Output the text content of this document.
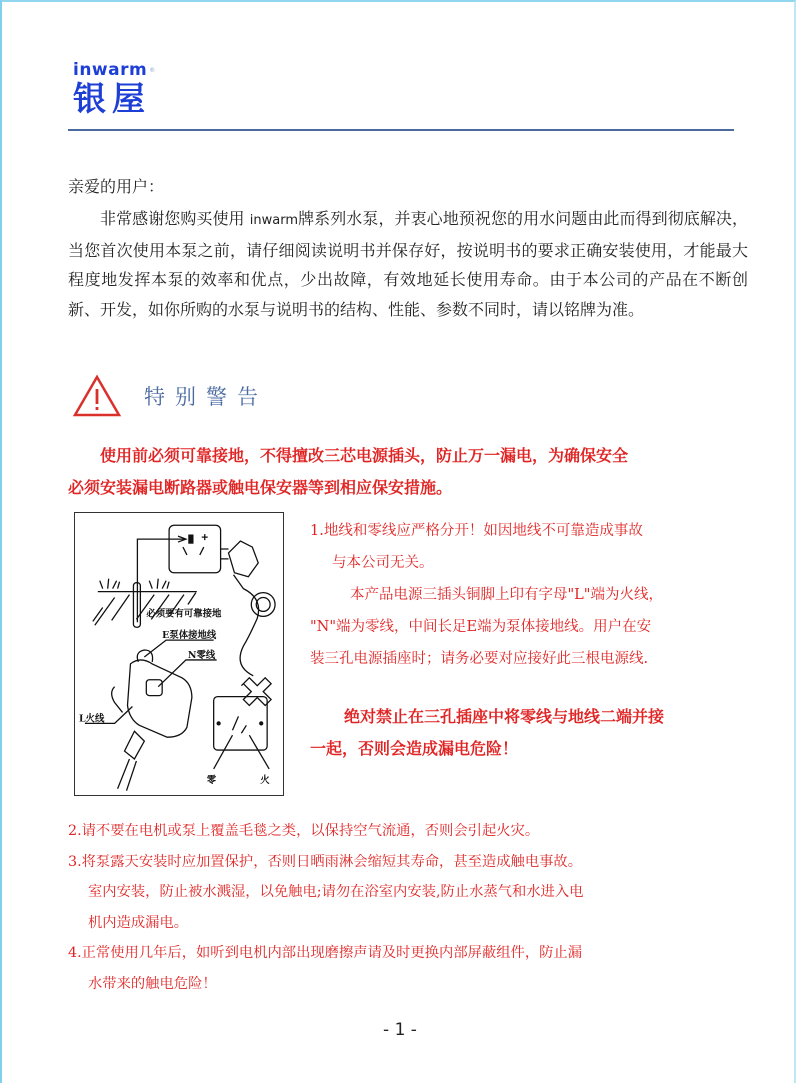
inwarm ®
银屋
亲爱的用户：

非常感谢您购买使用 inwarm牌系列水泵，并衷心地预祝您的用水问题由此而得到彻底解决，当您首次使用本泵之前，请仔细阅读说明书并保存好，按说明书的要求正确安装使用，才能最大程度地发挥本泵的效率和优点，少出故障，有效地延长使用寿命。由于本公司的产品在不断创新、开发，如你所购的水泵与说明书的结构、性能、参数不同时，请以铭牌为准。

特别警告

使用前必须可靠接地，不得擅改三芯电源插头，防止万一漏电，为确保安全

必须安装漏电断路器或触电保安器等到相应保安措施。

必须要有可靠接地
E泵体接地线
N零线
L火线
零	火

1.地线和零线应严格分开！如因地线不可靠造成事故

与本公司无关。

本产品电源三插头铜脚上印有字母"L"端为火线，

"N"端为零线，中间长足E端为泵体接地线。用户在安

装三孔电源插座时；请务必要对应接好此三根电源线.

绝对禁止在三孔插座中将零线与地线二端并接

一起，否则会造成漏电危险！

2.请不要在电机或泵上覆盖毛毯之类，以保持空气流通，否则会引起火灾。

3.将泵露天安装时应加置保护，否则日晒雨淋会缩短其寿命，甚至造成触电事故。

室内安装，防止被水溅湿，以免触电;请勿在浴室内安装,防止水蒸气和水进入电

机内造成漏电。

4.正常使用几年后，如听到电机内部出现磨擦声请及时更换内部屏蔽组件，防止漏

水带来的触电危险！

- 1 -
